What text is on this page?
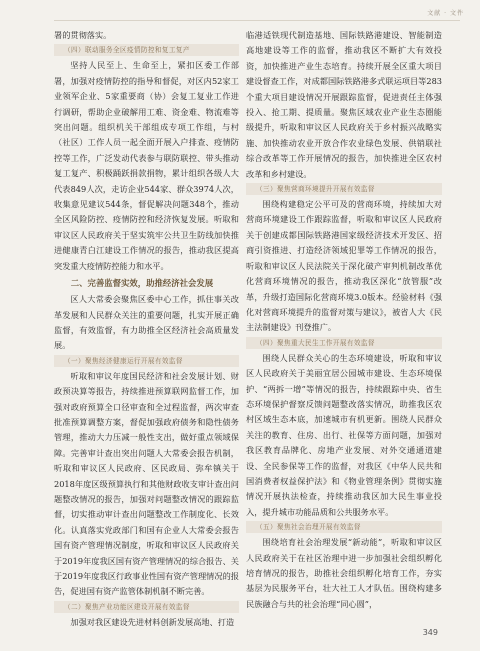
文献 · 文件

署的贯彻落实。

（四）联动服务全区疫情防控和复工复产

坚持人民至上、生命至上，紧扣区委工作部署，加强对疫情防控的指导和督促，对区内52家工业领军企业、5家重要商（协）会复工复业工作进行调研，帮助企业破解用工难、资金难、物流难等突出问题。组织机关干部组成专项工作组，与村（社区）工作人员一起全面开展入户排查、疫情防控等工作，广泛发动代表参与联防联控、带头推动复工复产、积极踊跃捐款捐物，累计组织各级人大代表849人次，走访企业544家、群众3974人次，收集意见建议544条，督促解决问题348个，推动全区风险防控、疫情防控和经济恢复发展。听取和审议区人民政府关于坚实筑牢公共卫生防线加快推进健康青白江建设工作情况的报告，推动我区提高突发重大疫情防控能力和水平。

二、完善监督实效，助推经济社会发展

区人大常委会聚焦区委中心工作，抓住事关改革发展和人民群众关注的重要问题，扎实开展正确监督，有效监督，有力助推全区经济社会高质量发展。

（一）聚焦经济健康运行开展有效监督

听取和审议年度国民经济和社会发展计划、财政预决算等报告，持续推进预算联网监督工作，加强对政府预算全口径审查和全过程监督，两次审查批准预算调整方案，督促加强政府债务和隐性债务管理，推动大力压减一般性支出，做好重点领域保障。完善审计查出突出问题人大常委会报告机制，听取和审议区人民政府、区民政局、弥牟镇关于2018年度区级预算执行和其他财政收支审计查出问题整改情况的报告，加强对问题整改情况的跟踪监督，切实推动审计查出问题整改工作制度化、长效化。认真落实党政部门和国有企业人大常委会报告国有资产管理情况制度，听取和审议区人民政府关于2019年度我区国有资产管理情况的综合报告、关于2019年度我区行政事业性国有资产管理情况的报告，促进国有资产监管体制机制不断完善。

（二）聚焦产业功能区建设开展有效监督

加强对我区建设先进材料创新发展高地、打造

临港适铁现代制造基地、国际铁路港建设、智能制造高地建设等工作的监督，推动我区不断扩大有效投资，加快推进产业生态培育。持续开展全区重大项目建设督查工作，对成都国际铁路港多式联运项目等283个重大项目建设情况开展跟踪监督，促进责任主体强投入、抢工期、提质量。聚焦区域农业产业生态圈能级提升，听取和审议区人民政府关于乡村振兴战略实施、加快推动农业开放合作农业绿色发展、供销联社综合改革等工作开展情况的报告，加快推进全区农村改革和乡村建设。

（三）聚焦营商环境提升开展有效监督

围绕构建稳定公平可及的营商环境，持续加大对营商环境建设工作跟踪监督，听取和审议区人民政府关于创建成都国际铁路港国家级经济技术开发区、招商引资推进、打造经济领域犯罪等工作情况的报告，听取和审议区人民法院关于深化破产审判机制改革优化营商环境情况的报告，推动我区深化“放管服”改革，升级打造国际化营商环境3.0版本。经验材料《强化对营商环境提升的监督对策与建议》，被省人大《民主法制建设》刊登推广。

（四）聚焦重大民生工作开展有效监督

围绕人民群众关心的生态环境建设，听取和审议区人民政府关于美丽宜居公园城市建设、生态环境保护、“两拆一增”等情况的报告，持续跟踪中央、省生态环境保护督察反馈问题整改落实情况，助推我区农村区域生态本底，加速城市有机更新。围绕人民群众关注的教育、住房、出行、社保等方面问题，加强对我区教育品牌化、房地产业发展、对外交通通道建设、全民参保等工作的监督，对我区《中华人民共和国消费者权益保护法》和《物业管理条例》贯彻实施情况开展执法检查，持续推动我区加大民生事业投入，提升城市功能品质和公共服务水平。

（五）聚焦社会治理开展有效监督

围绕培育社会治理发展“新动能”，听取和审议区人民政府关于在社区治理中进一步加强社会组织孵化培育情况的报告，助推社会组织孵化培育工作，夯实基层为民服务平台，壮大社工人才队伍。围绕构建多民族融合与共的社会治理“同心圆”，

349
